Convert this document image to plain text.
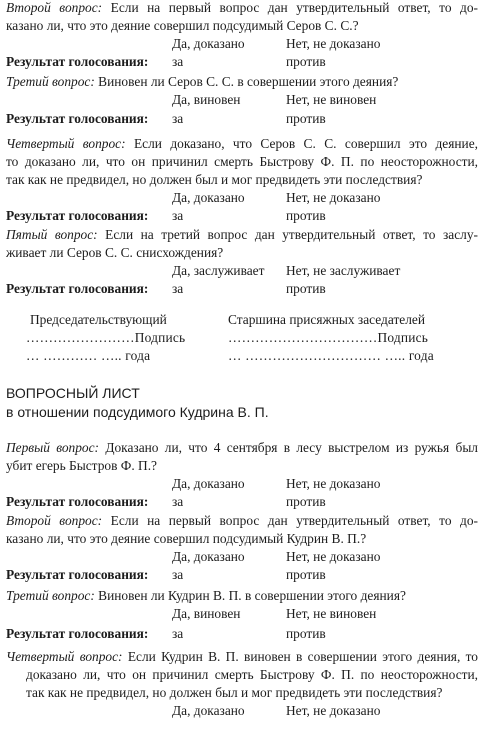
Второй вопрос: Если на первый вопрос дан утвердительный ответ, то до-
казано ли, что это деяние совершил подсудимый Серов С. С.?
Да, доказано	Нет, не доказано
Результат голосования: за	против
Третий вопрос: Виновен ли Серов С. С. в совершении этого деяния?
Да, виновен	Нет, не виновен
Результат голосования: за	против
Четвертый вопрос: Если доказано, что Серов С. С. совершил это деяние,
то доказано ли, что он причинил смерть Быстрову Ф. П. по неосторожности,
так как не предвидел, но должен был и мог предвидеть эти последствия?
Да, доказано	Нет, не доказано
Результат голосования: за	против
Пятый вопрос: Если на третий вопрос дан утвердительный ответ, то заслу-
живает ли Серов С. С. снисхождения?
Да, заслуживает Нет, не заслуживает
Результат голосования: за	против
Председательствующий
……………………Подпись
… ………… ….. года
Старшина присяжных заседателей
……………………………Подпись
… ………………………… ….. года
ВОПРОСНЫЙ ЛИСТ
в отношении подсудимого Кудрина В. П.
Первый вопрос: Доказано ли, что 4 сентября в лесу выстрелом из ружья был
убит егерь Быстров Ф. П.?
Да, доказано	Нет, не доказано
Результат голосования: за	против
Второй вопрос: Если на первый вопрос дан утвердительный ответ, то до-
казано ли, что это деяние совершил подсудимый Кудрин В. П.?
Да, доказано	Нет, не доказано
Результат голосования: за	против
Третий вопрос: Виновен ли Кудрин В. П. в совершении этого деяния?
Да, виновен	Нет, не виновен
Результат голосования: за	против
Четвертый вопрос: Если Кудрин В. П. виновен в совершении этого деяния, то
доказано ли, что он причинил смерть Быстрову Ф. П. по неосторожности,
так как не предвидел, но должен был и мог предвидеть эти последствия?
Да, доказано	Нет, не доказано
